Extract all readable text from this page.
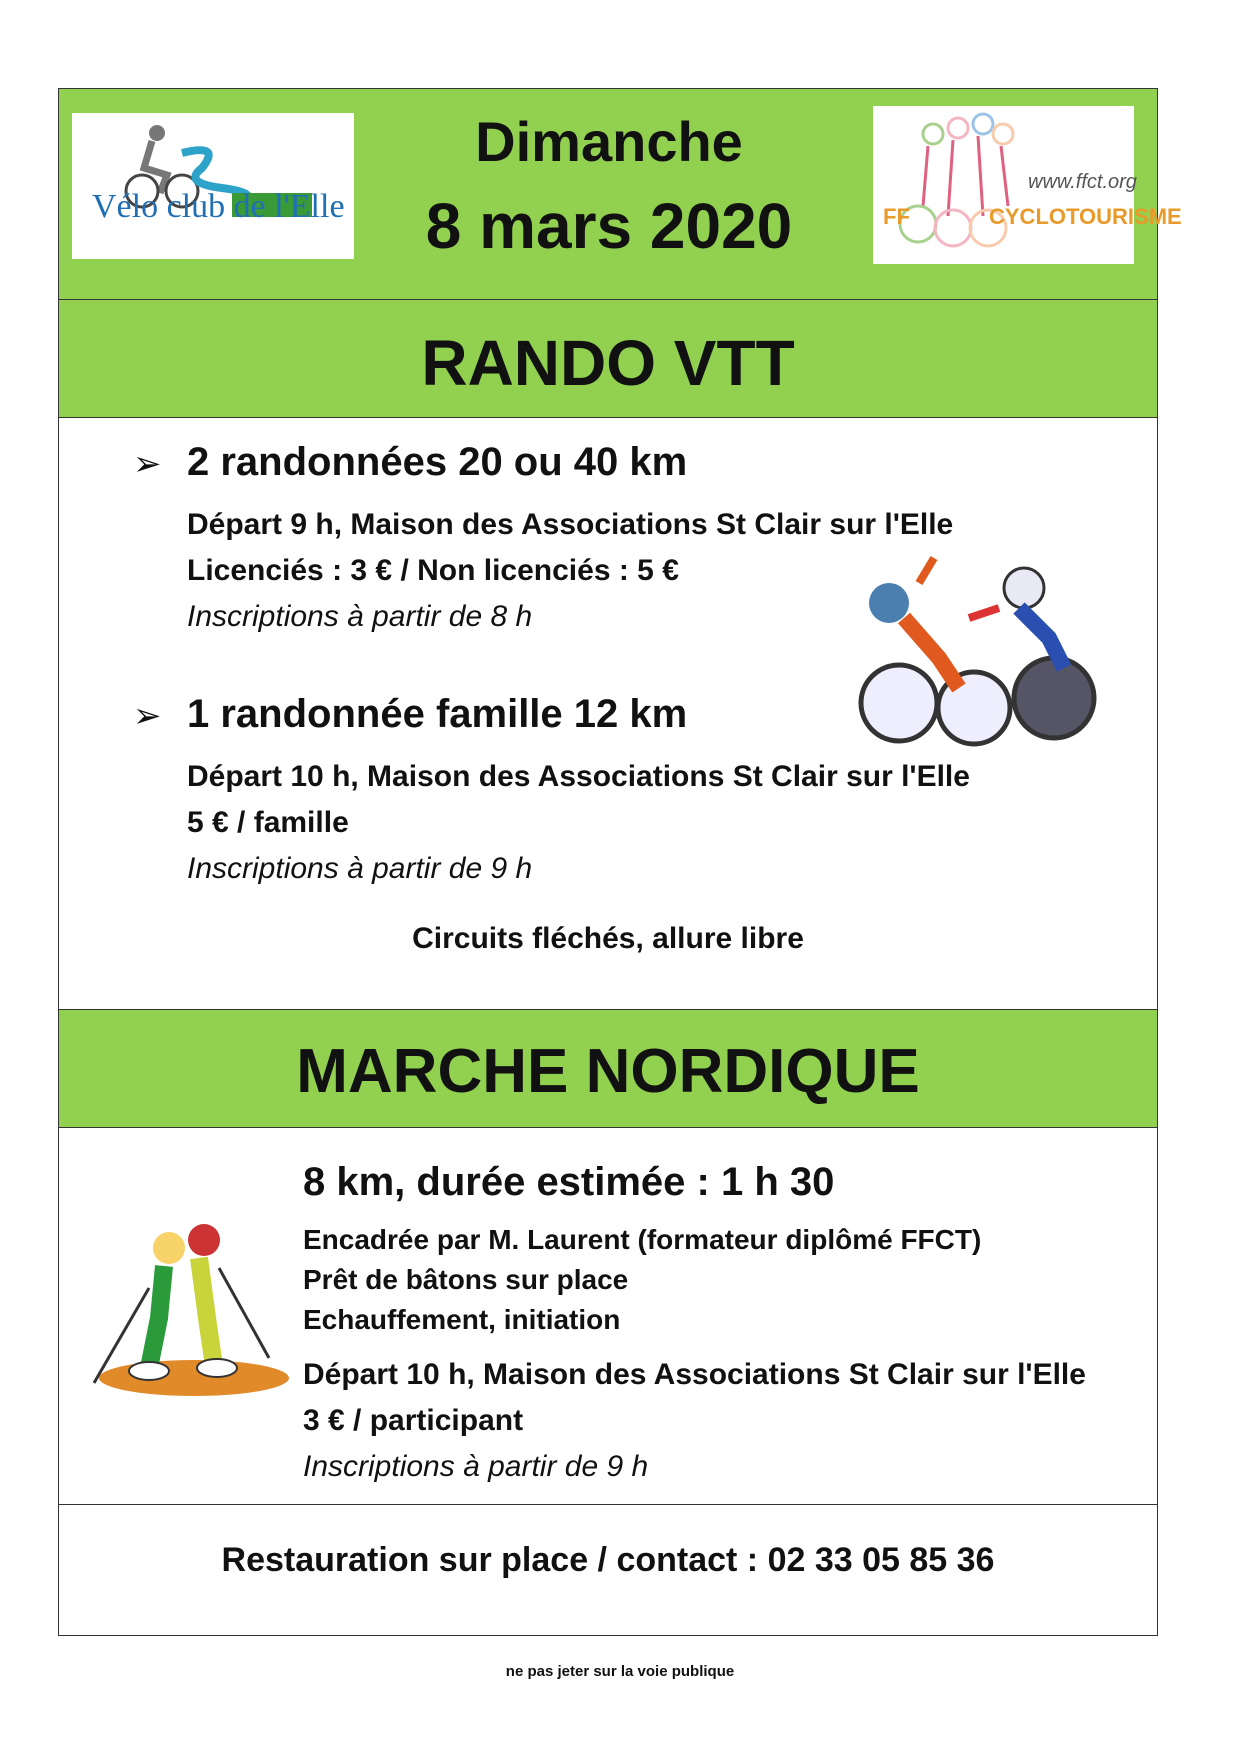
Vélo club de l'Elle
Dimanche
8 mars 2020
www.ffct.org
FF	CYCLOTOURISME
RANDO VTT
➢ 2 randonnées 20 ou 40 km
Départ 9 h, Maison des Associations St Clair sur l'Elle
Licenciés : 3 € / Non licenciés : 5 €
Inscriptions à partir de 8 h
➢ 1 randonnée famille 12 km
Départ 10 h, Maison des Associations St Clair sur l'Elle
5 € / famille
Inscriptions à partir de 9 h
Circuits fléchés, allure libre
MARCHE NORDIQUE
8 km, durée estimée : 1 h 30
Encadrée par M. Laurent (formateur diplômé FFCT)
Prêt de bâtons sur place
Echauffement, initiation
Départ 10 h, Maison des Associations St Clair sur l'Elle
3 € / participant
Inscriptions à partir de 9 h
Restauration sur place / contact : 02 33 05 85 36
ne pas jeter sur la voie publique
